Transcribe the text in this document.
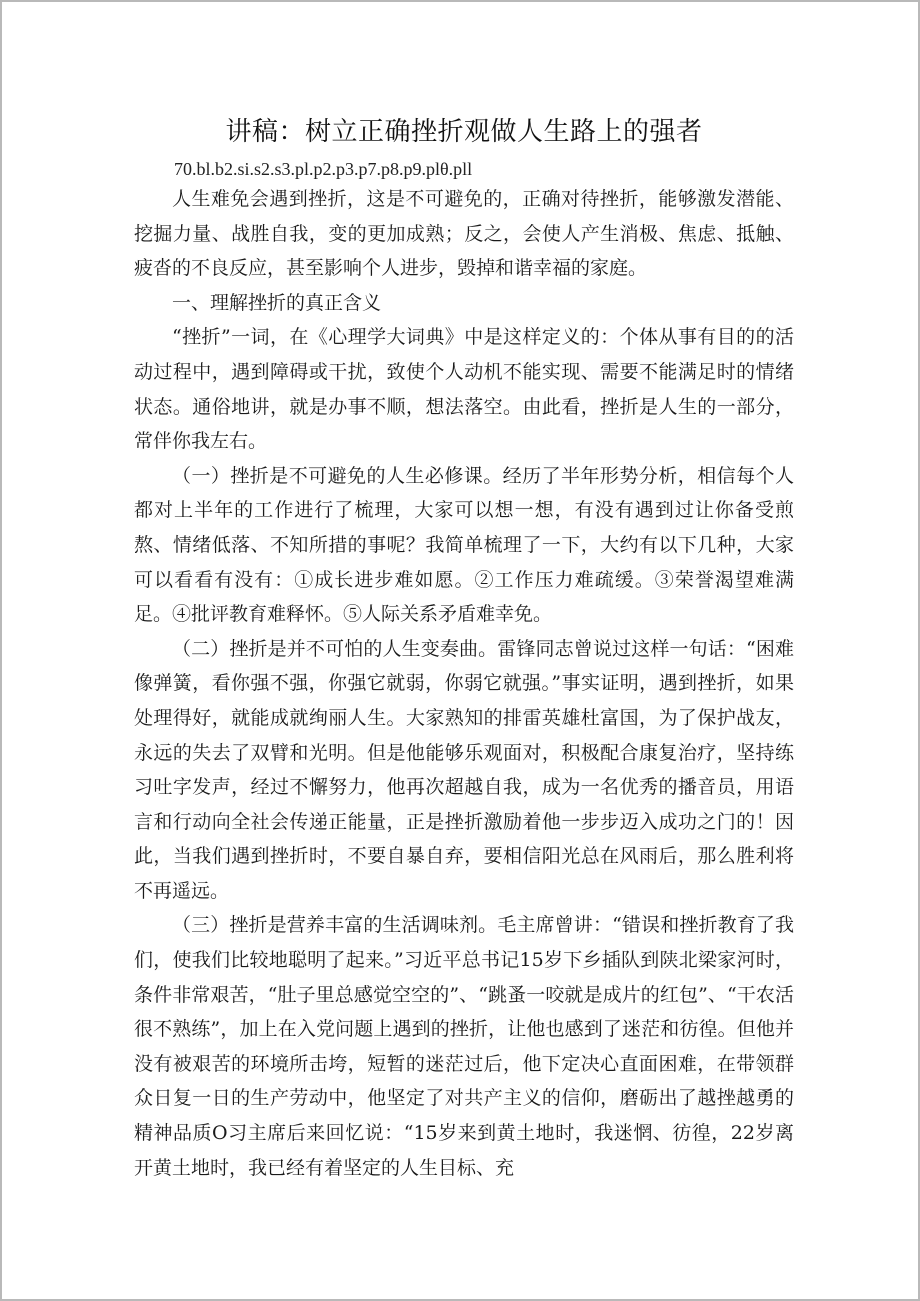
讲稿：树立正确挫折观做人生路上的强者
70.bl.b2.si.s2.s3.pl.p2.p3.p7.p8.p9.plθ.pll

人生难免会遇到挫折，这是不可避免的，正确对待挫折，能够激发潜能、挖掘力量、战胜自我，变的更加成熟；反之，会使人产生消极、焦虑、抵触、疲沓的不良反应，甚至影响个人进步，毁掉和谐幸福的家庭。

一、理解挫折的真正含义

“挫折”一词，在《心理学大词典》中是这样定义的：个体从事有目的的活动过程中，遇到障碍或干扰，致使个人动机不能实现、需要不能满足时的情绪状态。通俗地讲，就是办事不顺，想法落空。由此看，挫折是人生的一部分，常伴你我左右。

（一）挫折是不可避免的人生必修课。经历了半年形势分析，相信每个人都对上半年的工作进行了梳理，大家可以想一想，有没有遇到过让你备受煎熬、情绪低落、不知所措的事呢？我简单梳理了一下，大约有以下几种，大家可以看看有没有：①成长进步难如愿。②工作压力难疏缓。③荣誉渴望难满足。④批评教育难释怀。⑤人际关系矛盾难幸免。

（二）挫折是并不可怕的人生变奏曲。雷锋同志曾说过这样一句话：“困难像弹簧，看你强不强，你强它就弱，你弱它就强。”事实证明，遇到挫折，如果处理得好，就能成就绚丽人生。大家熟知的排雷英雄杜富国，为了保护战友，永远的失去了双臂和光明。但是他能够乐观面对，积极配合康复治疗，坚持练习吐字发声，经过不懈努力，他再次超越自我，成为一名优秀的播音员，用语言和行动向全社会传递正能量，正是挫折激励着他一步步迈入成功之门的！因此，当我们遇到挫折时，不要自暴自弃，要相信阳光总在风雨后，那么胜利将不再遥远。

（三）挫折是营养丰富的生活调味剂。毛主席曾讲：“错误和挫折教育了我们，使我们比较地聪明了起来。”习近平总书记15岁下乡插队到陕北梁家河时，条件非常艰苦，“肚子里总感觉空空的”、“跳蚤一咬就是成片的红包”、“干农活很不熟练”，加上在入党问题上遇到的挫折，让他也感到了迷茫和彷徨。但他并没有被艰苦的环境所击垮，短暂的迷茫过后，他下定决心直面困难，在带领群众日复一日的生产劳动中，他坚定了对共产主义的信仰，磨砺出了越挫越勇的精神品质O习主席后来回忆说：“15岁来到黄土地时，我迷惘、彷徨，22岁离开黄土地时，我已经有着坚定的人生目标、充
